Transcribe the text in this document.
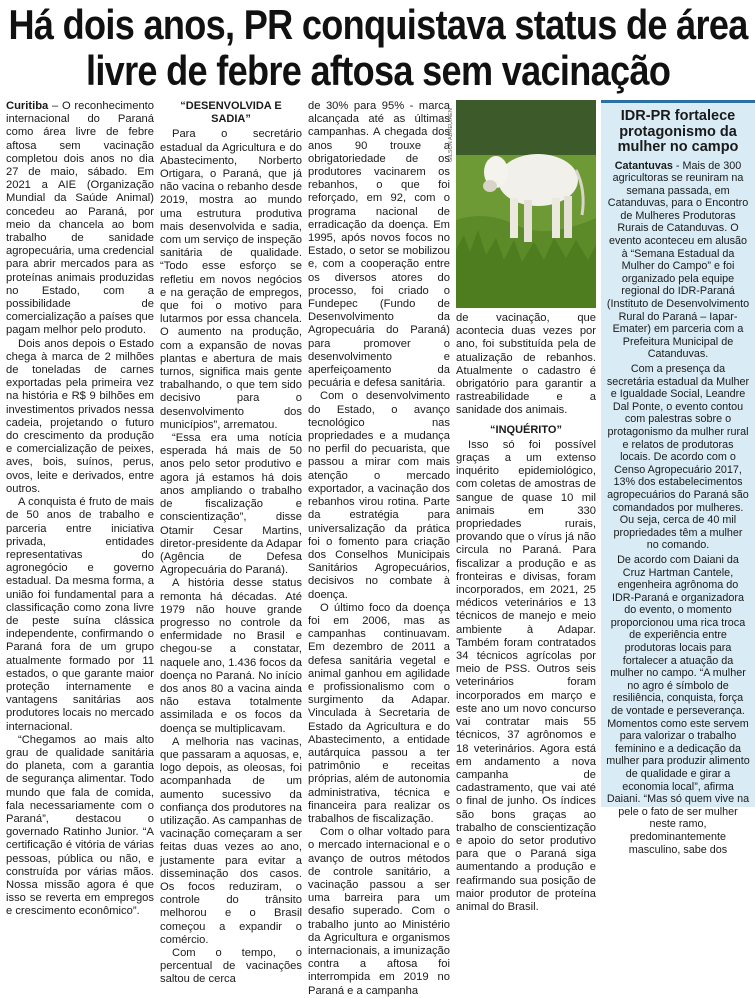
Há dois anos, PR conquistava status de área livre de febre aftosa sem vacinação

Curitiba – O reconhecimento internacional do Paraná como área livre de febre aftosa sem vacinação completou dois anos no dia 27 de maio, sábado. Em 2021 a AIE (Organização Mundial da Saúde Animal) concedeu ao Paraná, por meio da chancela ao bom trabalho de sanidade agropecuária, uma credencial para abrir mercados para as proteínas animais produzidas no Estado, com a possibilidade de comercialização a países que pagam melhor pelo produto.

Dois anos depois o Estado chega à marca de 2 milhões de toneladas de carnes exportadas pela primeira vez na história e R$ 9 bilhões em investimentos privados nessa cadeia, projetando o futuro do crescimento da produção e comercialização de peixes, aves, bois, suínos, perus, ovos, leite e derivados, entre outros.

A conquista é fruto de mais de 50 anos de trabalho e parceria entre iniciativa privada, entidades representativas do agronegócio e governo estadual. Da mesma forma, a união foi fundamental para a classificação como zona livre de peste suína clássica independente, confirmando o Paraná fora de um grupo atualmente formado por 11 estados, o que garante maior proteção internamente e vantagens sanitárias aos produtores locais no mercado internacional.

“Chegamos ao mais alto grau de qualidade sanitária do planeta, com a garantia de segurança alimentar. Todo mundo que fala de comida, fala necessariamente com o Paraná”, destacou o governado Ratinho Junior. “A certificação é vitória de várias pessoas, pública ou não, e construída por várias mãos. Nossa missão agora é que isso se reverta em empregos e crescimento econômico”.

“DESENVOLVIDA E SADIA”

Para o secretário estadual da Agricultura e do Abastecimento, Norberto Ortigara, o Paraná, que já não vacina o rebanho desde 2019, mostra ao mundo uma estrutura produtiva mais desenvolvida e sadia, com um serviço de inspeção sanitária de qualidade. “Todo esse esforço se refletiu em novos negócios e na geração de empregos, que foi o motivo para lutarmos por essa chancela. O aumento na produção, com a expansão de novas plantas e abertura de mais turnos, significa mais gente trabalhando, o que tem sido decisivo para o desenvolvimento dos municípios”, arrematou.

“Essa era uma notícia esperada há mais de 50 anos pelo setor produtivo e agora já estamos há dois anos ampliando o trabalho de fiscalização e conscientização”, disse Otamir Cesar Martins, diretor-presidente da Adapar (Agência de Defesa Agropecuária do Paraná).

A história desse status remonta há décadas. Até 1979 não houve grande progresso no controle da enfermidade no Brasil e chegou-se a constatar, naquele ano, 1.436 focos da doença no Paraná. No início dos anos 80 a vacina ainda não estava totalmente assimilada e os focos da doença se multiplicavam.

A melhoria nas vacinas, que passaram a aquosas, e, logo depois, as oleosas, foi acompanhada de um aumento sucessivo da confiança dos produtores na utilização. As campanhas de vacinação começaram a ser feitas duas vezes ao ano, justamente para evitar a disseminação dos casos. Os focos reduziram, o controle do trânsito melhorou e o Brasil começou a expandir o comércio.

Com o tempo, o percentual de vacinações saltou de cerca

de 30% para 95% - marca alcançada até as últimas campanhas. A chegada dos anos 90 trouxe a obrigatoriedade de os produtores vacinarem os rebanhos, o que foi reforçado, em 92, com o programa nacional de erradicação da doença. Em 1995, após novos focos no Estado, o setor se mobilizou e, com a cooperação entre os diversos atores do processo, foi criado o Fundepec (Fundo de Desenvolvimento da Agropecuária do Paraná) para promover o desenvolvimento e aperfeiçoamento da pecuária e defesa sanitária.

Com o desenvolvimento do Estado, o avanço tecnológico nas propriedades e a mudança no perfil do pecuarista, que passou a mirar com mais atenção o mercado exportador, a vacinação dos rebanhos virou rotina. Parte da estratégia para universalização da prática foi o fomento para criação dos Conselhos Municipais Sanitários Agropecuários, decisivos no combate à doença.

O último foco da doença foi em 2006, mas as campanhas continuavam. Em dezembro de 2011 a defesa sanitária vegetal e animal ganhou em agilidade e profissionalismo com o surgimento da Adapar. Vinculada à Secretaria de Estado da Agricultura e do Abastecimento, a entidade autárquica passou a ter patrimônio e receitas próprias, além de autonomia administrativa, técnica e financeira para realizar os trabalhos de fiscalização.

Com o olhar voltado para o mercado internacional e o avanço de outros métodos de controle sanitário, a vacinação passou a ser uma barreira para um desafio superado. Com o trabalho junto ao Ministério da Agricultura e organismos internacionais, a imunização contra a aftosa foi interrompida em 2019 no Paraná e a campanha

GILSON ABREU/AEN

de vacinação, que acontecia duas vezes por ano, foi substituída pela de atualização de rebanhos. Atualmente o cadastro é obrigatório para garantir a rastreabilidade e a sanidade dos animais.

“INQUÉRITO”

Isso só foi possível graças a um extenso inquérito epidemiológico, com coletas de amostras de sangue de quase 10 mil animais em 330 propriedades rurais, provando que o vírus já não circula no Paraná. Para fiscalizar a produção e as fronteiras e divisas, foram incorporados, em 2021, 25 médicos veterinários e 13 técnicos de manejo e meio ambiente à Adapar. Também foram contratados 34 técnicos agrícolas por meio de PSS. Outros seis veterinários foram incorporados em março e este ano um novo concurso vai contratar mais 55 técnicos, 37 agrônomos e 18 veterinários. Agora está em andamento a nova campanha de cadastramento, que vai até o final de junho. Os índices são bons graças ao trabalho de conscientização e apoio do setor produtivo para que o Paraná siga aumentando a produção e reafirmando sua posição de maior produtor de proteína animal do Brasil.

IDR-PR fortalece protagonismo da mulher no campo

Catantuvas - Mais de 300 agricultoras se reuniram na semana passada, em Catanduvas, para o Encontro de Mulheres Produtoras Rurais de Catanduvas. O evento aconteceu em alusão à “Semana Estadual da Mulher do Campo” e foi organizado pela equipe regional do IDR-Paraná (Instituto de Desenvolvimento Rural do Paraná – Iapar-Emater) em parceria com a Prefeitura Municipal de Catanduvas.

Com a presença da secretária estadual da Mulher e Igualdade Social, Leandre Dal Ponte, o evento contou com palestras sobre o protagonismo da mulher rural e relatos de produtoras locais. De acordo com o Censo Agropecuário 2017, 13% dos estabelecimentos agropecuários do Paraná são comandados por mulheres. Ou seja, cerca de 40 mil propriedades têm a mulher no comando.

De acordo com Daiani da Cruz Hartman Cantele, engenheira agrônoma do IDR-Paraná e organizadora do evento, o momento proporcionou uma rica troca de experiência entre produtoras locais para fortalecer a atuação da mulher no campo. “A mulher no agro é símbolo de resiliência, conquista, força de vontade e perseverança. Momentos como este servem para valorizar o trabalho feminino e a dedicação da mulher para produzir alimento de qualidade e girar a economia local”, afirma Daiani. “Mas só quem vive na pele o fato de ser mulher neste ramo, predominantemente masculino, sabe dos
